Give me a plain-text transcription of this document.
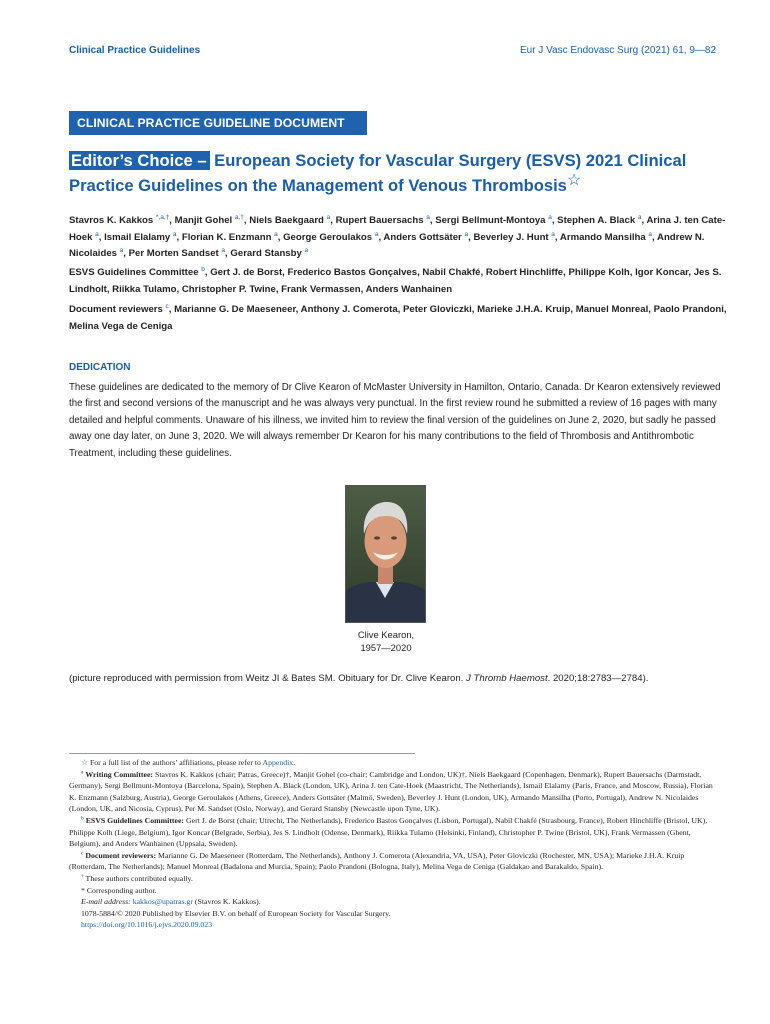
Clinical Practice Guidelines	Eur J Vasc Endovasc Surg (2021) 61, 9—82
CLINICAL PRACTICE GUIDELINE DOCUMENT
Editor’s Choice – European Society for Vascular Surgery (ESVS) 2021 Clinical Practice Guidelines on the Management of Venous Thrombosis☆
Stavros K. Kakkos $^{*,a,\dagger}$, Manjit Gohel $^{a,\dagger}$, Niels Baekgaard $^a$, Rupert Bauersachs $^a$, Sergi Bellmunt-Montoya $^a$, Stephen A. Black $^a$, Arina J. ten Cate-Hoek $^a$, Ismail Elalamy $^a$, Florian K. Enzmann $^a$, George Geroulakos $^a$, Anders Gottsäter $^a$, Beverley J. Hunt $^a$, Armando Mansilha $^a$, Andrew N. Nicolaides $^a$, Per Morten Sandset $^a$, Gerard Stansby $^a$
ESVS Guidelines Committee $^b$, Gert J. de Borst, Frederico Bastos Gonçalves, Nabil Chakfé, Robert Hinchliffe, Philippe Kolh, Igor Koncar, Jes S. Lindholt, Riikka Tulamo, Christopher P. Twine, Frank Vermassen, Anders Wanhainen
Document reviewers $^c$, Marianne G. De Maeseneer, Anthony J. Comerota, Peter Gloviczki, Marieke J.H.A. Kruip, Manuel Monreal, Paolo Prandoni, Melina Vega de Ceniga
DEDICATION
These guidelines are dedicated to the memory of Dr Clive Kearon of McMaster University in Hamilton, Ontario, Canada. Dr Kearon extensively reviewed the first and second versions of the manuscript and he was always very punctual. In the first review round he submitted a review of 16 pages with many detailed and helpful comments. Unaware of his illness, we invited him to review the final version of the guidelines on June 2, 2020, but sadly he passed away one day later, on June 3, 2020. We will always remember Dr Kearon for his many contributions to the field of Thrombosis and Antithrombotic Treatment, including these guidelines.
Clive Kearon,
1957—2020
(picture reproduced with permission from Weitz JI & Bates SM. Obituary for Dr. Clive Kearon. J Thromb Haemost. 2020;18:2783—2784).

☆ For a full list of the authors’ affiliations, please refer to Appendix.

$^a$ Writing Committee: Stavros K. Kakkos (chair; Patras, Greece)†, Manjit Gohel (co-chair; Cambridge and London, UK)†, Niels Baekgaard (Copenhagen, Denmark), Rupert Bauersachs (Darmstadt, Germany), Sergi Bellmunt-Montoya (Barcelona, Spain), Stephen A. Black (London, UK), Arina J. ten Cate-Hoek (Maastricht, The Netherlands), Ismail Elalamy (Paris, France, and Moscow, Russia), Florian K. Enzmann (Salzburg, Austria), George Geroulakos (Athens, Greece), Anders Gottsäter (Malmö, Sweden), Beverley J. Hunt (London, UK), Armando Mansilha (Porto, Portugal), Andrew N. Nicolaides (London, UK, and Nicosia, Cyprus), Per M. Sandset (Oslo, Norway), and Gerard Stansby (Newcastle upon Tyne, UK).

$^b$ ESVS Guidelines Committee: Gert J. de Borst (chair; Utrecht, The Netherlands), Frederico Bastos Gonçalves (Lisbon, Portugal), Nabil Chakfé (Strasbourg, France), Robert Hinchliffe (Bristol, UK), Philippe Kolh (Liege, Belgium), Igor Koncar (Belgrade, Serbia), Jes S. Lindholt (Odense, Denmark), Riikka Tulamo (Helsinki, Finland), Christopher P. Twine (Bristol, UK), Frank Vermassen (Ghent, Belgium), and Anders Wanhainen (Uppsala, Sweden).

$^c$ Document reviewers: Marianne G. De Maeseneer (Rotterdam, The Netherlands), Anthony J. Comerota (Alexandria, VA, USA), Peter Gloviczki (Rochester, MN, USA); Marieke J.H.A. Kruip (Rotterdam, The Netherlands); Manuel Monreal (Badalona and Murcia, Spain); Paolo Prandoni (Bologna, Italy), Melina Vega de Ceniga (Galdakao and Barakaldo, Spain).

† These authors contributed equally.

* Corresponding author.

E-mail address: kakkos@upatras.gr (Stavros K. Kakkos).

1078-5884/© 2020 Published by Elsevier B.V. on behalf of European Society for Vascular Surgery.

https://doi.org/10.1016/j.ejvs.2020.09.023
